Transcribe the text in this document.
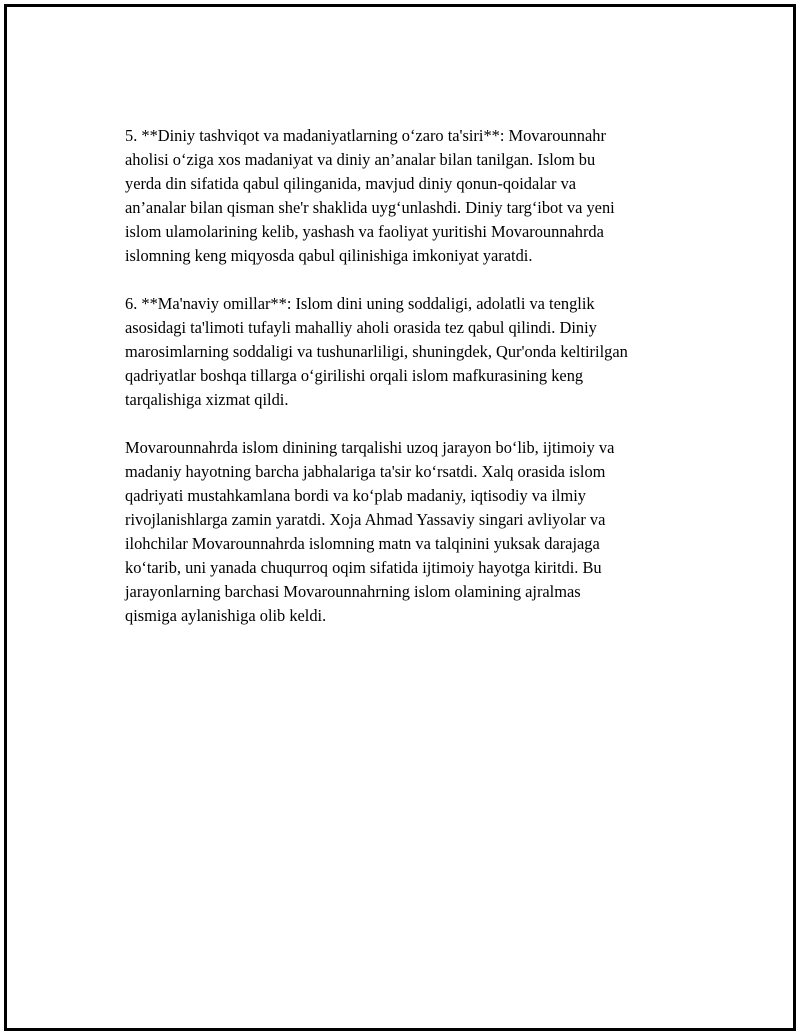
5. **Diniy tashviqot va madaniyatlarning o‘zaro ta'siri**: Movarounnahr
aholisi o‘ziga xos madaniyat va diniy an’analar bilan tanilgan. Islom bu
yerda din sifatida qabul qilinganida, mavjud diniy qonun-qoidalar va
an’analar bilan qisman she'r shaklida uyg‘unlashdi. Diniy targ‘ibot va yeni
islom ulamolarining kelib, yashash va faoliyat yuritishi Movarounnahrda
islomning keng miqyosda qabul qilinishiga imkoniyat yaratdi.

6. **Ma'naviy omillar**: Islom dini uning soddaligi, adolatli va tenglik
asosidagi ta'limoti tufayli mahalliy aholi orasida tez qabul qilindi. Diniy
marosimlarning soddaligi va tushunarliligi, shuningdek, Qur'onda keltirilgan
qadriyatlar boshqa tillarga o‘girilishi orqali islom mafkurasining keng
tarqalishiga xizmat qildi.

Movarounnahrda islom dinining tarqalishi uzoq jarayon bo‘lib, ijtimoiy va
madaniy hayotning barcha jabhalariga ta'sir ko‘rsatdi. Xalq orasida islom
qadriyati mustahkamlana bordi va ko‘plab madaniy, iqtisodiy va ilmiy
rivojlanishlarga zamin yaratdi. Xoja Ahmad Yassaviy singari avliyolar va
ilohchilar Movarounnahrda islomning matn va talqinini yuksak darajaga
ko‘tarib, uni yanada chuqurroq oqim sifatida ijtimoiy hayotga kiritdi. Bu
jarayonlarning barchasi Movarounnahrning islom olamining ajralmas
qismiga aylanishiga olib keldi.
